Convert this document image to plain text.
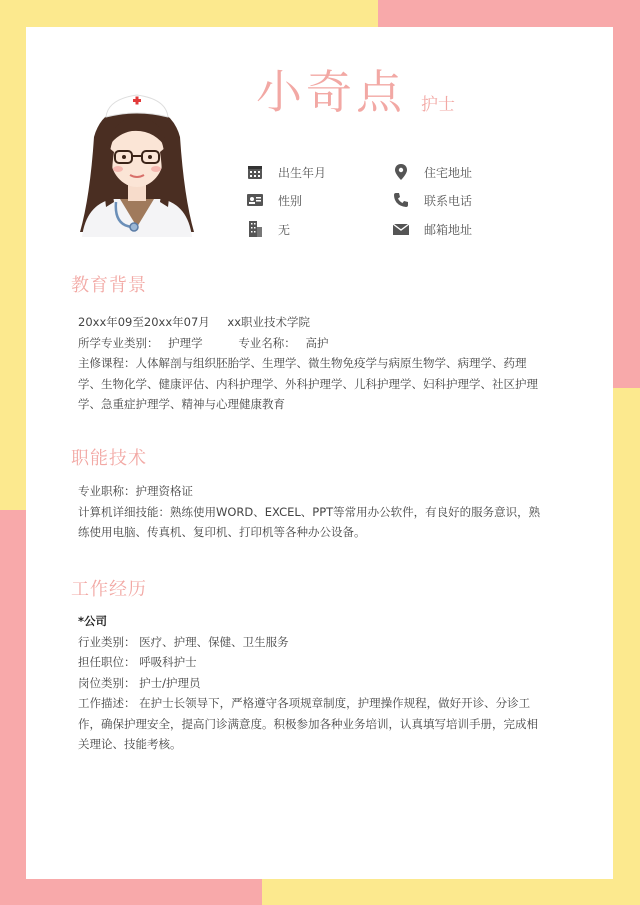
小奇点 护士
出生年月
性别
无
住宅地址
联系电话
邮箱地址
教育背景
20xx年09至20xx年07月 xx职业技术学院
所学专业类别： 护理学	专业名称： 高护
主修课程：人体解剖与组织胚胎学、生理学、微生物免疫学与病原生物学、病理学、药理
学、生物化学、健康评估、内科护理学、外科护理学、儿科护理学、妇科护理学、社区护理
学、急重症护理学、精神与心理健康教育
职能技术
专业职称：护理资格证
计算机详细技能：熟练使用WORD、EXCEL、PPT等常用办公软件，有良好的服务意识，熟
练使用电脑、传真机、复印机、打印机等各种办公设备。
工作经历
*公司
行业类别： 医疗、护理、保健、卫生服务
担任职位： 呼吸科护士
岗位类别： 护士/护理员
工作描述： 在护士长领导下，严格遵守各项规章制度，护理操作规程，做好开诊、分诊工
作，确保护理安全，提高门诊满意度。积极参加各种业务培训，认真填写培训手册，完成相
关理论、技能考核。
